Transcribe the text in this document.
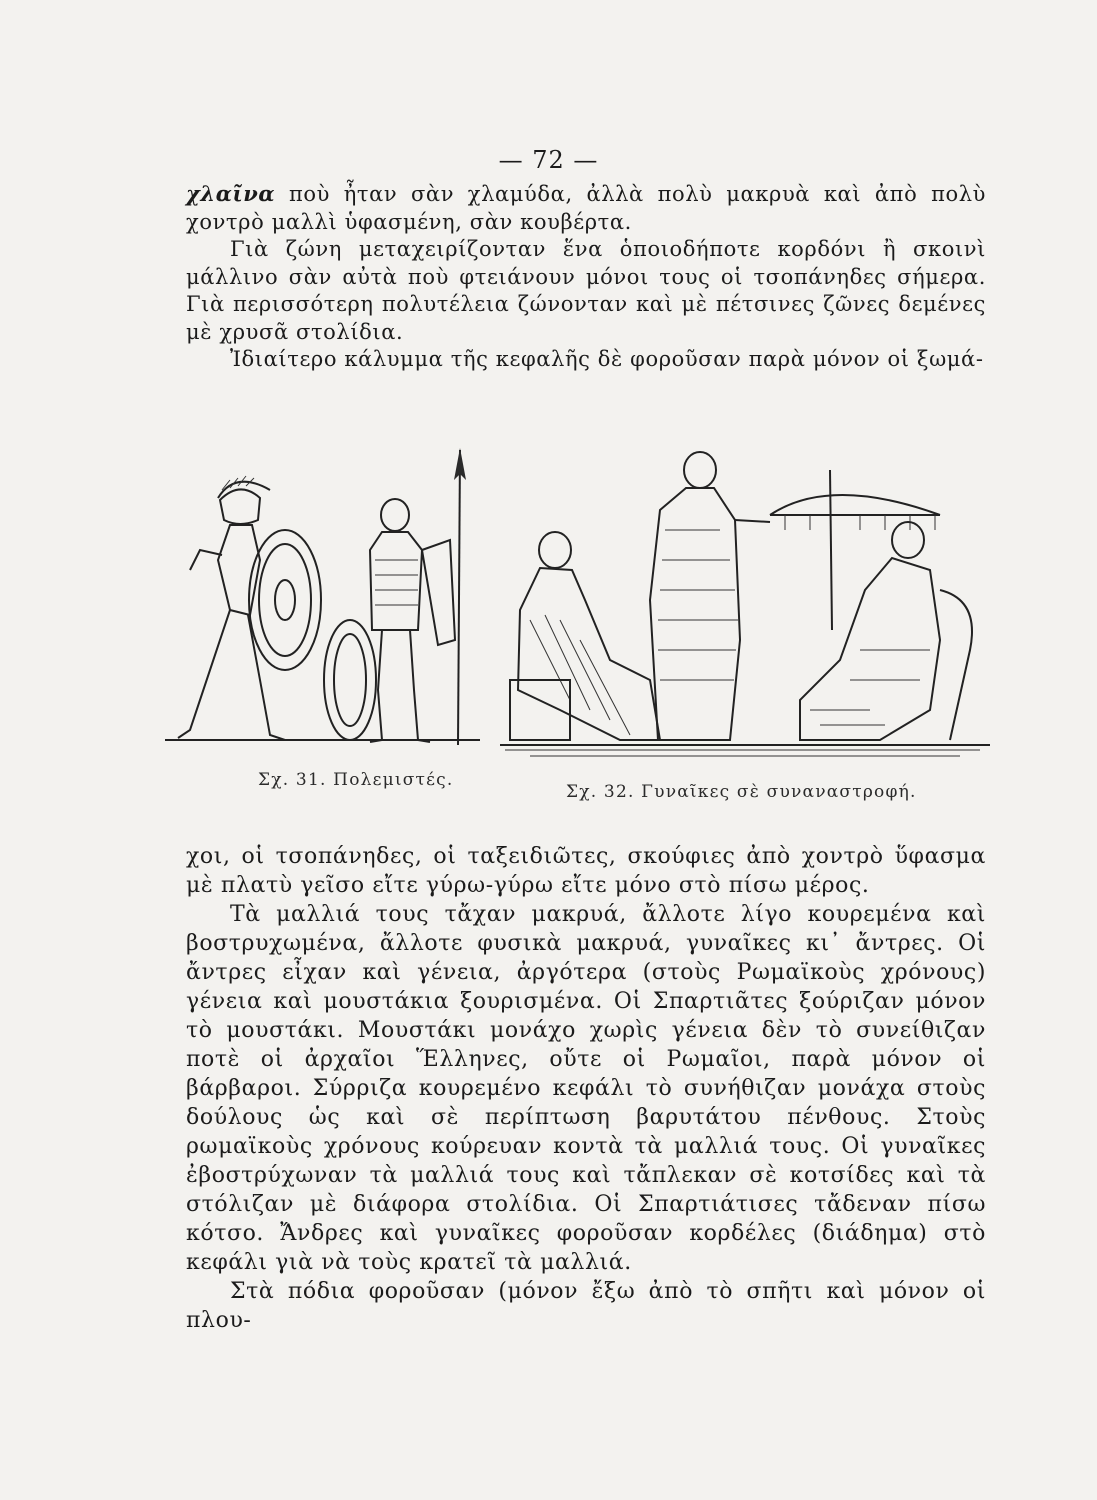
— 72 —

χλαῖνα ποὺ ἦταν σὰν χλαμύδα, ἀλλὰ πολὺ μακρυὰ καὶ ἀπὸ πολὺ χοντρὸ μαλλὶ ὑφασμένη, σὰν κουβέρτα.

Γιὰ ζώνη μεταχειρίζονταν ἕνα ὁποιοδήποτε κορδόνι ἢ σκοινὶ μάλλινο σὰν αὐτὰ ποὺ φτειάνουν μόνοι τους οἱ τσοπάνηδες σήμερα. Γιὰ περισσότερη πολυτέλεια ζώνονταν καὶ μὲ πέτσινες ζῶνες δεμένες μὲ χρυσᾶ στολίδια.

Ἰδιαίτερο κάλυμμα τῆς κεφαλῆς δὲ φοροῦσαν παρὰ μόνον οἱ ξωμά-

Σχ. 31. Πολεμιστές.
Σχ. 32. Γυναῖκες σὲ συναναστροφή.

χοι, οἱ τσοπάνηδες, οἱ ταξειδιῶτες, σκούφιες ἀπὸ χοντρὸ ὕφασμα μὲ πλατὺ γεῖσο εἴτε γύρω-γύρω εἴτε μόνο στὸ πίσω μέρος.

Τὰ μαλλιά τους τἄχαν μακρυά, ἄλλοτε λίγο κουρεμένα καὶ βοστρυχωμένα, ἄλλοτε φυσικὰ μακρυά, γυναῖκες κι᾿ ἄντρες. Οἱ ἄντρες εἶχαν καὶ γένεια, ἀργότερα (στοὺς Ρωμαϊκοὺς χρόνους) γένεια καὶ μουστάκια ξουρισμένα. Οἱ Σπαρτιᾶτες ξούριζαν μόνον τὸ μουστάκι. Μουστάκι μονάχο χωρὶς γένεια δὲν τὸ συνείθιζαν ποτὲ οἱ ἀρχαῖοι Ἕλληνες, οὔτε οἱ Ρωμαῖοι, παρὰ μόνον οἱ βάρβαροι. Σύρριζα κουρεμένο κεφάλι τὸ συνήθιζαν μονάχα στοὺς δούλους ὡς καὶ σὲ περίπτωση βαρυτάτου πένθους. Στοὺς ρωμαϊκοὺς χρόνους κούρευαν κοντὰ τὰ μαλλιά τους. Οἱ γυναῖκες ἐβοστρύχωναν τὰ μαλλιά τους καὶ τἄπλεκαν σὲ κοτσίδες καὶ τὰ στόλιζαν μὲ διάφορα στολίδια. Οἱ Σπαρτιάτισες τἄδεναν πίσω κότσο. Ἄνδρες καὶ γυναῖκες φοροῦσαν κορδέλες (διάδημα) στὸ κεφάλι γιὰ νὰ τοὺς κρατεῖ τὰ μαλλιά.

Στὰ πόδια φοροῦσαν (μόνον ἔξω ἀπὸ τὸ σπῆτι καὶ μόνον οἱ πλου-
